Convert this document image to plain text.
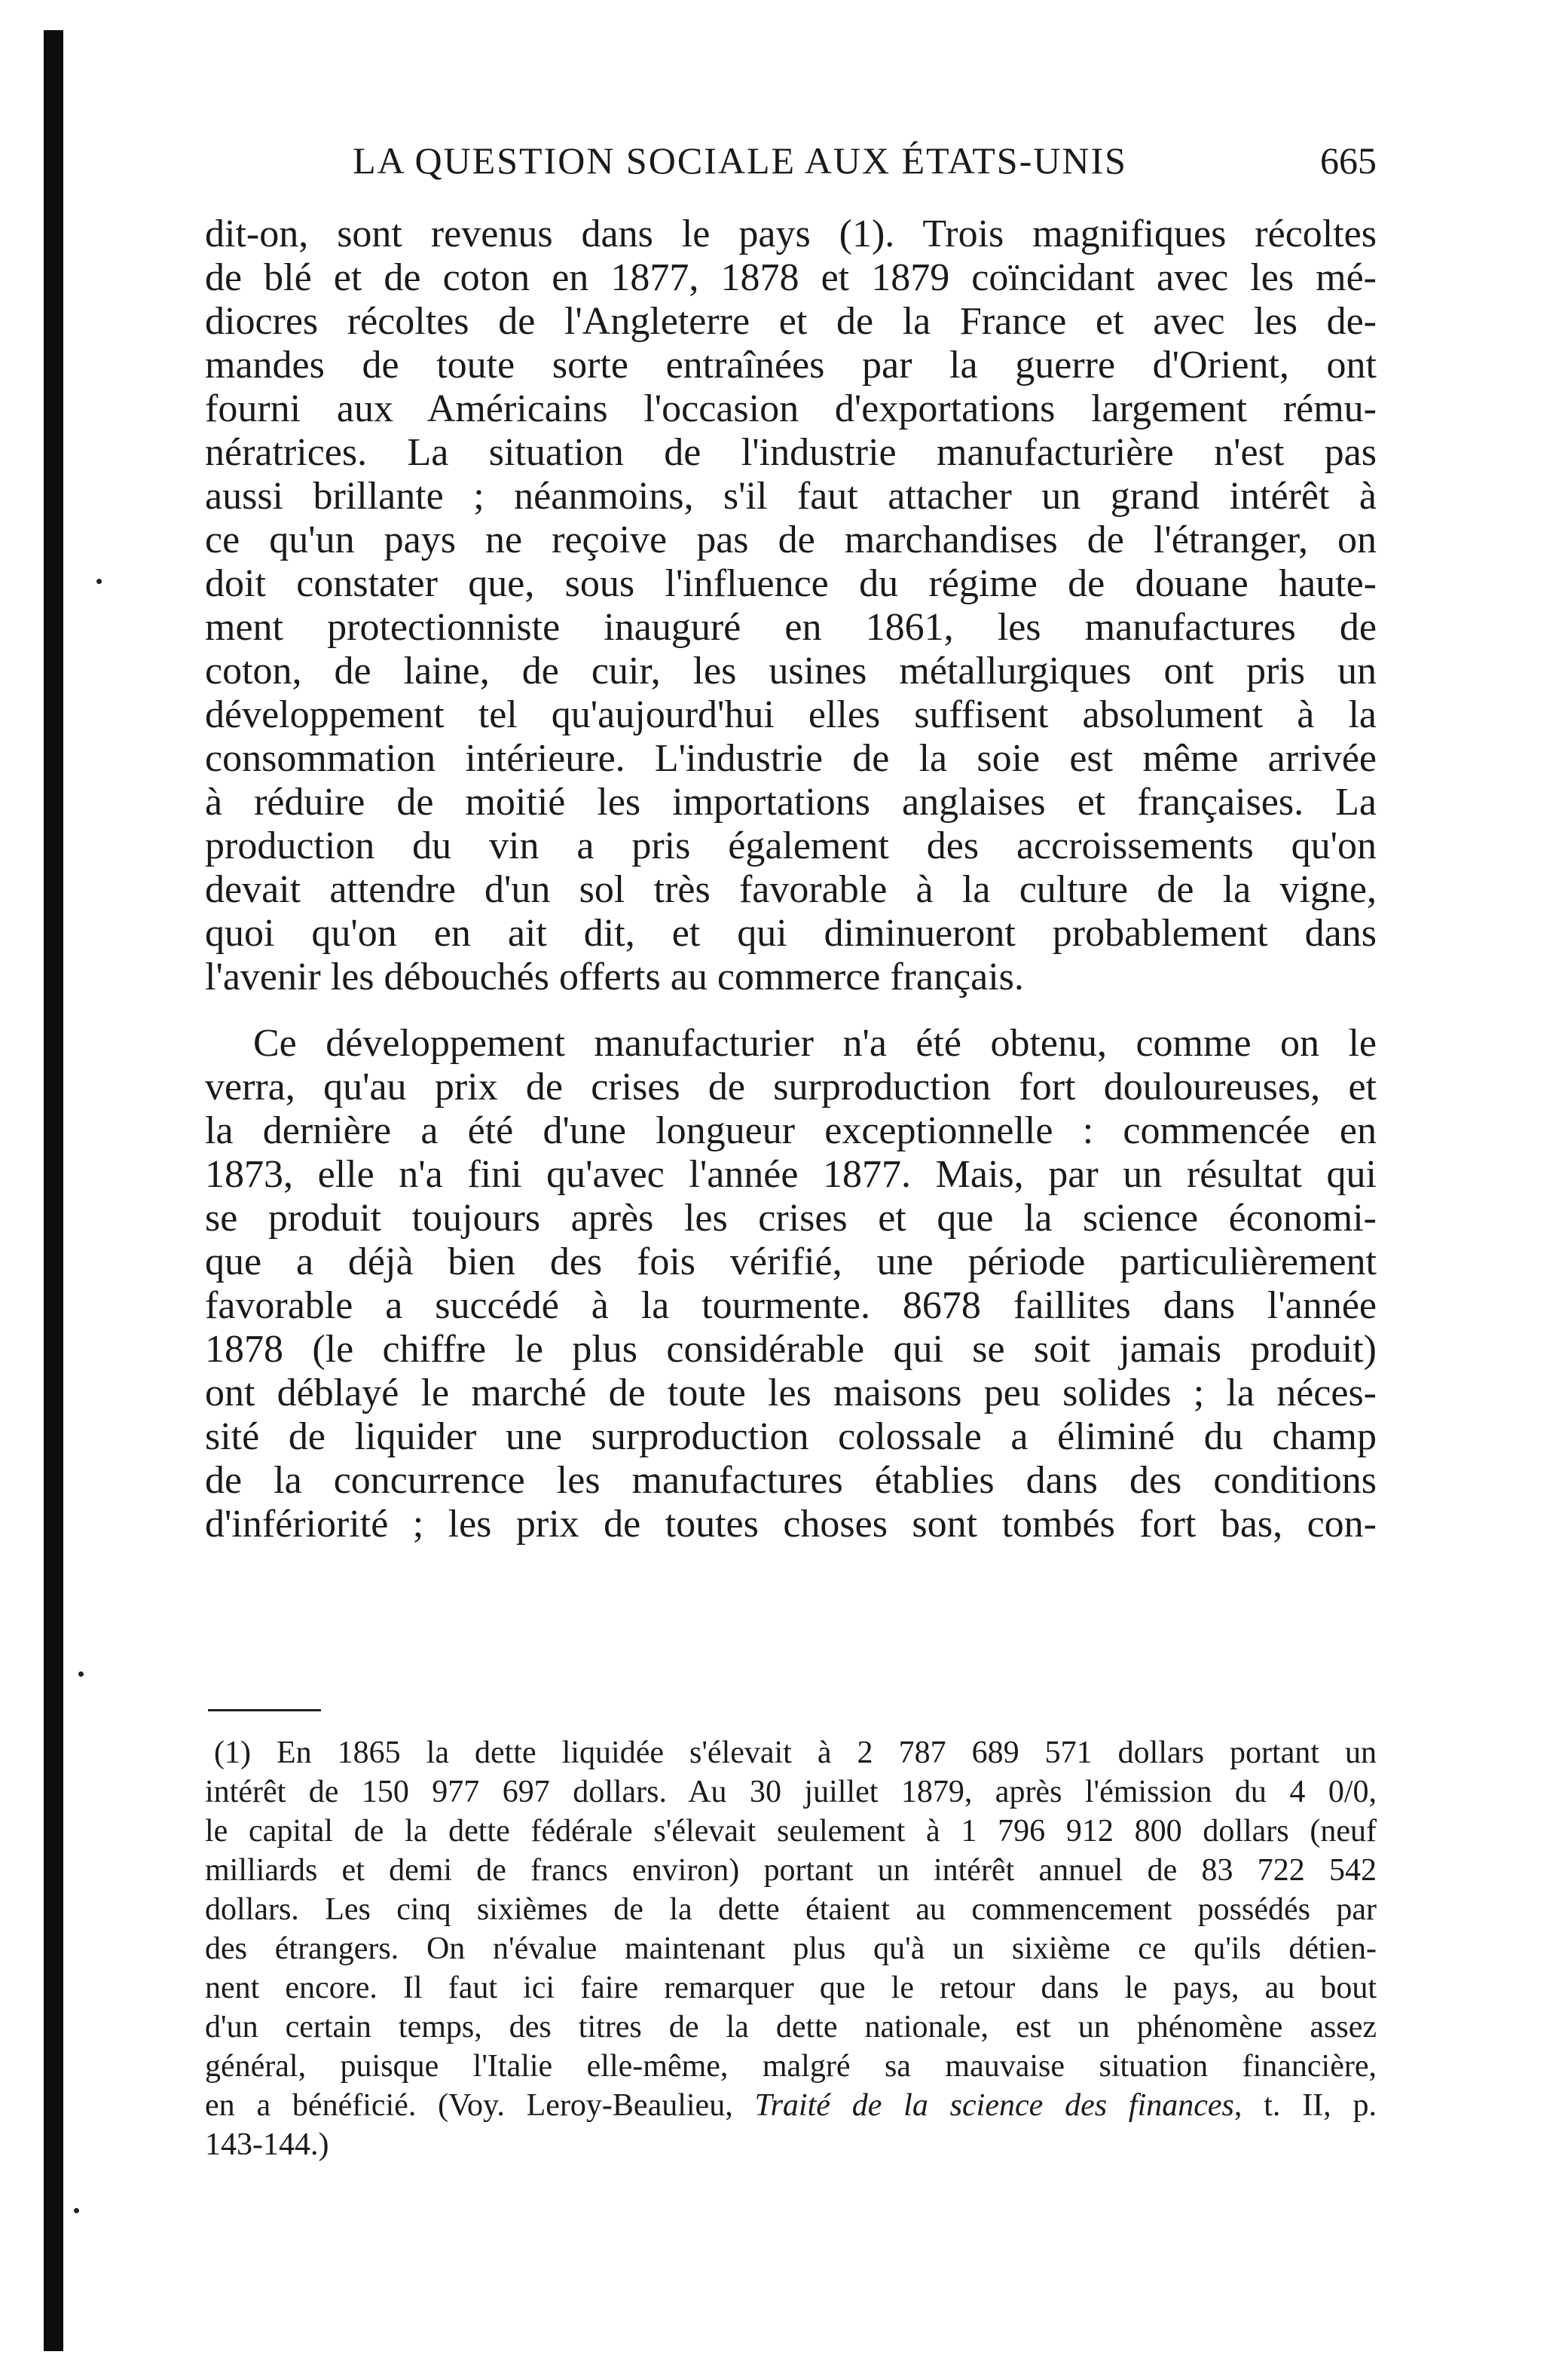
LA QUESTION SOCIALE AUX ÉTATS-UNIS	665
dit-on, sont revenus dans le pays (1). Trois magnifiques récoltes
de blé et de coton en 1877, 1878 et 1879 coïncidant avec les mé-
diocres récoltes de l'Angleterre et de la France et avec les de-
mandes de toute sorte entraînées par la guerre d'Orient, ont
fourni aux Américains l'occasion d'exportations largement rému-
nératrices. La situation de l'industrie manufacturière n'est pas
aussi brillante ; néanmoins, s'il faut attacher un grand intérêt à
ce qu'un pays ne reçoive pas de marchandises de l'étranger, on
doit constater que, sous l'influence du régime de douane haute-
ment protectionniste inauguré en 1861, les manufactures de
coton, de laine, de cuir, les usines métallurgiques ont pris un
développement tel qu'aujourd'hui elles suffisent absolument à la
consommation intérieure. L'industrie de la soie est même arrivée
à réduire de moitié les importations anglaises et françaises. La
production du vin a pris également des accroissements qu'on
devait attendre d'un sol très favorable à la culture de la vigne,
quoi qu'on en ait dit, et qui diminueront probablement dans
l'avenir les débouchés offerts au commerce français.
Ce développement manufacturier n'a été obtenu, comme on le
verra, qu'au prix de crises de surproduction fort douloureuses, et
la dernière a été d'une longueur exceptionnelle : commencée en
1873, elle n'a fini qu'avec l'année 1877. Mais, par un résultat qui
se produit toujours après les crises et que la science économi-
que a déjà bien des fois vérifié, une période particulièrement
favorable a succédé à la tourmente. 8678 faillites dans l'année
1878 (le chiffre le plus considérable qui se soit jamais produit)
ont déblayé le marché de toute les maisons peu solides ; la néces-
sité de liquider une surproduction colossale a éliminé du champ
de la concurrence les manufactures établies dans des conditions
d'infériorité ; les prix de toutes choses sont tombés fort bas, con-
(1) En 1865 la dette liquidée s'élevait à 2 787 689 571 dollars portant un
intérêt de 150 977 697 dollars. Au 30 juillet 1879, après l'émission du 4 0/0,
le capital de la dette fédérale s'élevait seulement à 1 796 912 800 dollars (neuf
milliards et demi de francs environ) portant un intérêt annuel de 83 722 542
dollars. Les cinq sixièmes de la dette étaient au commencement possédés par
des étrangers. On n'évalue maintenant plus qu'à un sixième ce qu'ils détien-
nent encore. Il faut ici faire remarquer que le retour dans le pays, au bout
d'un certain temps, des titres de la dette nationale, est un phénomène assez
général, puisque l'Italie elle-même, malgré sa mauvaise situation financière,
en a bénéficié. (Voy. Leroy-Beaulieu, Traité de la science des finances, t. II, p.
143-144.)
